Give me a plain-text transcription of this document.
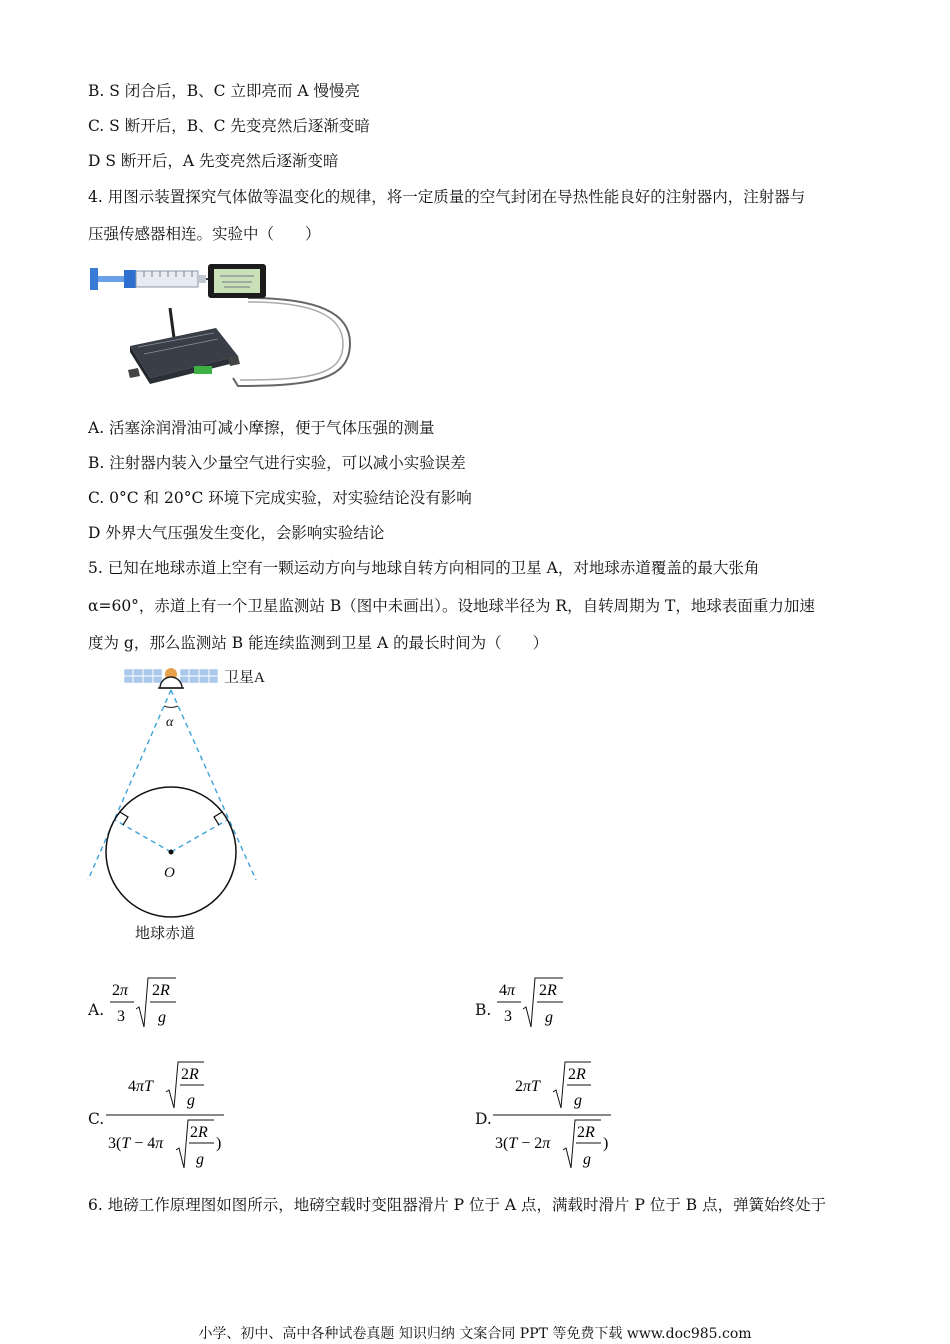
B. S 闭合后，B、C 立即亮而 A 慢慢亮
C. S 断开后，B、C 先变亮然后逐渐变暗
D S 断开后，A 先变亮然后逐渐变暗
4. 用图示装置探究气体做等温变化的规律，将一定质量的空气封闭在导热性能良好的注射器内，注射器与
压强传感器相连。实验中（　　）
A. 活塞涂润滑油可减小摩擦，便于气体压强的测量
B. 注射器内装入少量空气进行实验，可以减小实验误差
C. 0°C 和 20°C 环境下完成实验，对实验结论没有影响
D 外界大气压强发生变化，会影响实验结论
5. 已知在地球赤道上空有一颗运动方向与地球自转方向相同的卫星 A，对地球赤道覆盖的最大张角
α=60°，赤道上有一个卫星监测站 B（图中未画出）。设地球半径为 R，自转周期为 T，地球表面重力加速
度为 g，那么监测站 B 能连续监测到卫星 A 的最长时间为（　　）
卫星A
α
O
地球赤道
A.
2π
3
2R
g	B.
4π
3
2R
g
C.
4πT
2R
g
3(T − 4π
2R
g
)
D.
2πT
2R
g
3(T − 2π
2R
g
)
6. 地磅工作原理图如图所示，地磅空载时变阻器滑片 P 位于 A 点，满载时滑片 P 位于 B 点，弹簧始终处于
小学、初中、高中各种试卷真题 知识归纳 文案合同 PPT 等免费下载 www.doc985.com
